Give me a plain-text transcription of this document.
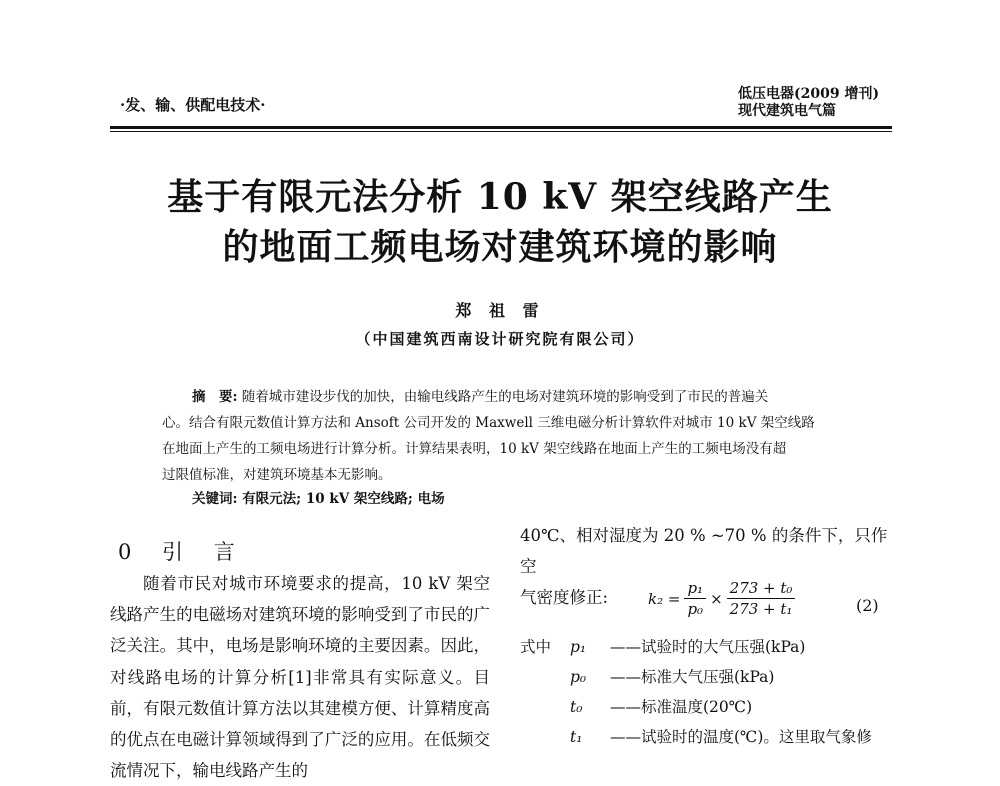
·发、输、供配电技术·
低压电器(2009 增刊)
现代建筑电气篇
基于有限元法分析 10 kV 架空线路产生
的地面工频电场对建筑环境的影响
郑 祖 雷
（中国建筑西南设计研究院有限公司）

摘　要: 随着城市建设步伐的加快，由输电线路产生的电场对建筑环境的影响受到了市民的普遍关

心。结合有限元数值计算方法和 Ansoft 公司开发的 Maxwell 三维电磁分析计算软件对城市 10 kV 架空线路

在地面上产生的工频电场进行计算分析。计算结果表明，10 kV 架空线路在地面上产生的工频电场没有超

过限值标准，对建筑环境基本无影响。

关键词: 有限元法; 10 kV 架空线路; 电场
0 引 言

随着市民对城市环境要求的提高，10 kV 架空线路产生的电磁场对建筑环境的影响受到了市民的广泛关注。其中，电场是影响环境的主要因素。因此，对线路电场的计算分析[1]非常具有实际意义。目前，有限元数值计算方法以其建模方便、计算精度高的优点在电磁计算领域得到了广泛的应用。在低频交流情况下，输电线路产生的

40℃、相对湿度为 20 % ~70 % 的条件下，只作空

气密度修正:	$k_2 = \frac{\text{p₁}}{\text{p₀}} \times \frac{\text{273 + t₀}}{\text{273 + t₁}}$	(2)
式中	p₁	——试验时的大气压强(kPa)
p₀	——标准大气压强(kPa)
t₀	——标准温度(20℃)
t₁	——试验时的温度(℃)。这里取气象修
